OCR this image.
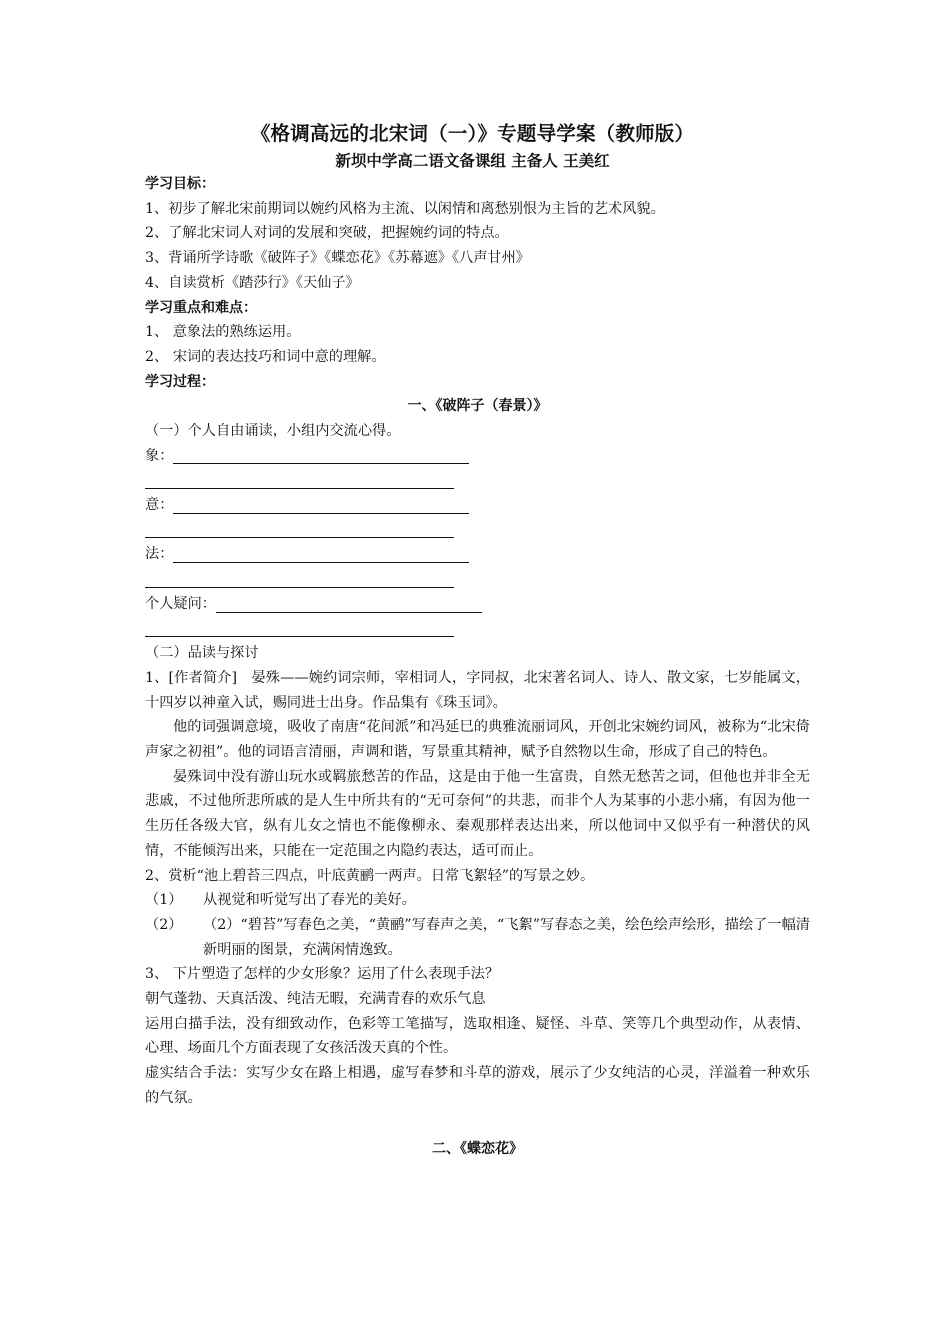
《格调高远的北宋词（一）》专题导学案（教师版）
新坝中学高二语文备课组 主备人 王美红
学习目标：
1、初步了解北宋前期词以婉约风格为主流、以闲情和离愁别恨为主旨的艺术风貌。
2、了解北宋词人对词的发展和突破，把握婉约词的特点。
3、背诵所学诗歌《破阵子》《蝶恋花》《苏幕遮》《八声甘州》
4、自读赏析《踏莎行》《天仙子》
学习重点和难点：
1、 意象法的熟练运用。
2、 宋词的表达技巧和词中意的理解。
学习过程：
一、《破阵子（春景）》
（一）个人自由诵读，小组内交流心得。
象：
意：
法：
个人疑问：
（二）品读与探讨
1、[作者简介]　晏殊——婉约词宗师，宰相词人，字同叔，北宋著名词人、诗人、散文家，七岁能属文，十四岁以神童入试，赐同进士出身。作品集有《珠玉词》。
他的词强调意境，吸收了南唐“花间派”和冯延巳的典雅流丽词风，开创北宋婉约词风，被称为“北宋倚声家之初祖”。他的词语言清丽，声调和谐，写景重其精神，赋予自然物以生命，形成了自己的特色。
晏殊词中没有游山玩水或羁旅愁苦的作品，这是由于他一生富贵，自然无愁苦之词，但他也并非全无悲戚，不过他所悲所戚的是人生中所共有的“无可奈何”的共悲，而非个人为某事的小悲小痛，有因为他一生历任各级大官，纵有儿女之情也不能像柳永、秦观那样表达出来，所以他词中又似乎有一种潜伏的风情，不能倾泻出来，只能在一定范围之内隐约表达，适可而止。
2、赏析“池上碧苔三四点，叶底黄鹂一两声。日常飞絮轻”的写景之妙。
（1）	从视觉和听觉写出了春光的美好。
（2）	（2）“碧苔”写春色之美，“黄鹂”写春声之美，“飞絮”写春态之美，绘色绘声绘形，描绘了一幅清新明丽的图景，充满闲情逸致。
3、 下片塑造了怎样的少女形象？运用了什么表现手法？
朝气蓬勃、天真活泼、纯洁无暇，充满青春的欢乐气息
运用白描手法，没有细致动作，色彩等工笔描写，选取相逢、疑怪、斗草、笑等几个典型动作，从表情、心理、场面几个方面表现了女孩活泼天真的个性。
虚实结合手法：实写少女在路上相遇，虚写春梦和斗草的游戏，展示了少女纯洁的心灵，洋溢着一种欢乐的气氛。
二、《蝶恋花》
